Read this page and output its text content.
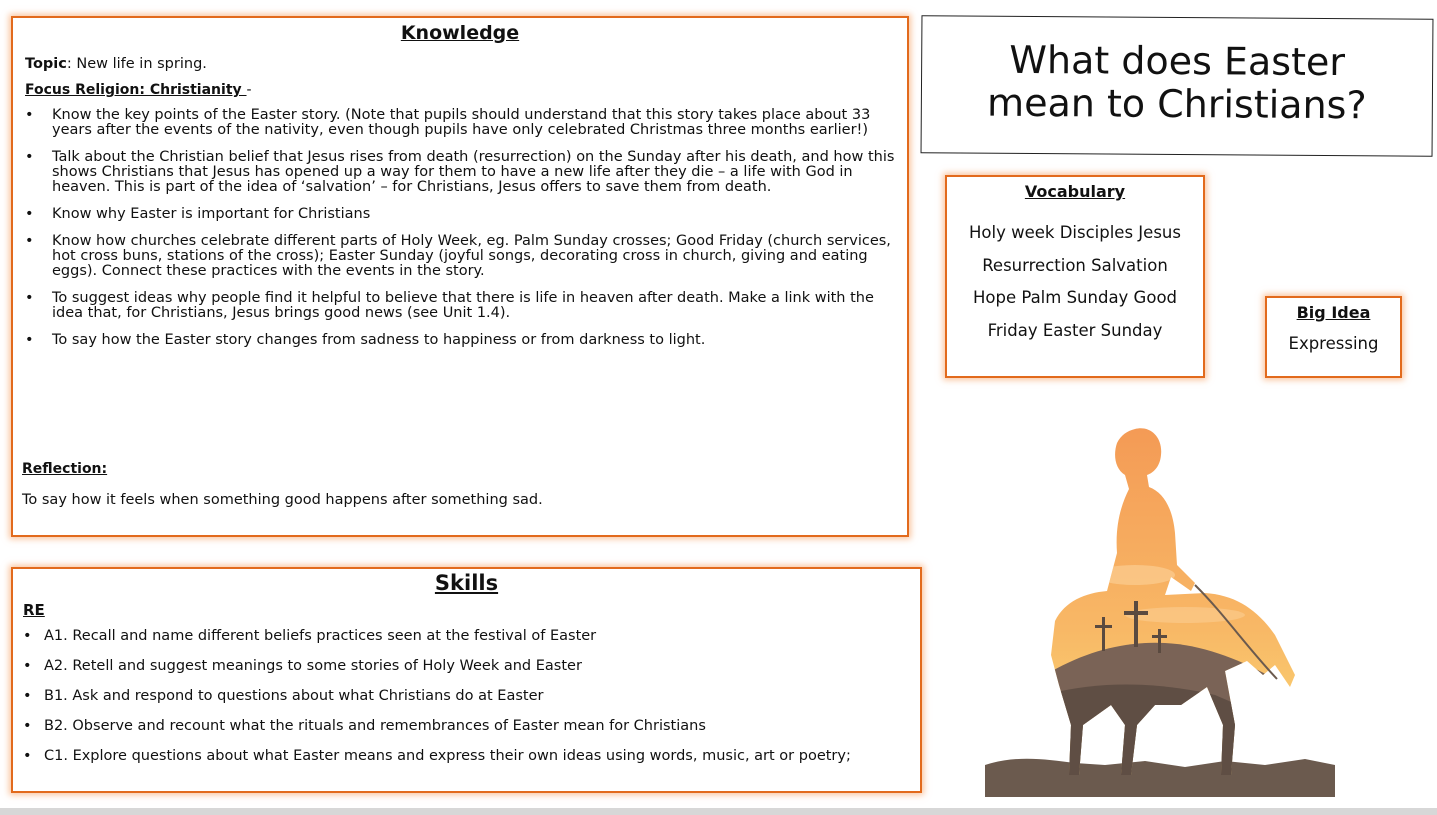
Knowledge
Topic: New life in spring.
Focus Religion: Christianity -
• Know the key points of the Easter story. (Note that pupils should understand that this story takes place about 33 years after the events of the nativity, even though pupils have only celebrated Christmas three months earlier!)
• Talk about the Christian belief that Jesus rises from death (resurrection) on the Sunday after his death, and how this shows Christians that Jesus has opened up a way for them to have a new life after they die – a life with God in heaven. This is part of the idea of ‘salvation’ – for Christians, Jesus offers to save them from death.
• Know why Easter is important for Christians
• Know how churches celebrate different parts of Holy Week, eg. Palm Sunday crosses; Good Friday (church services, hot cross buns, stations of the cross); Easter Sunday (joyful songs, decorating cross in church, giving and eating eggs). Connect these practices with the events in the story.
• To suggest ideas why people find it helpful to believe that there is life in heaven after death. Make a link with the idea that, for Christians, Jesus brings good news (see Unit 1.4).
• To say how the Easter story changes from sadness to happiness or from darkness to light.
Reflection:
To say how it feels when something good happens after something sad.
Skills
RE
• A1. Recall and name different beliefs practices seen at the festival of Easter
• A2. Retell and suggest meanings to some stories of Holy Week and Easter
• B1. Ask and respond to questions about what Christians do at Easter
• B2. Observe and recount what the rituals and remembrances of Easter mean for Christians
• C1. Explore questions about what Easter means and express their own ideas using words, music, art or poetry;
What does Easter
mean to Christians?
Vocabulary
Holy week Disciples Jesus
Resurrection Salvation
Hope Palm Sunday Good
Friday Easter Sunday
Big Idea
Expressing
